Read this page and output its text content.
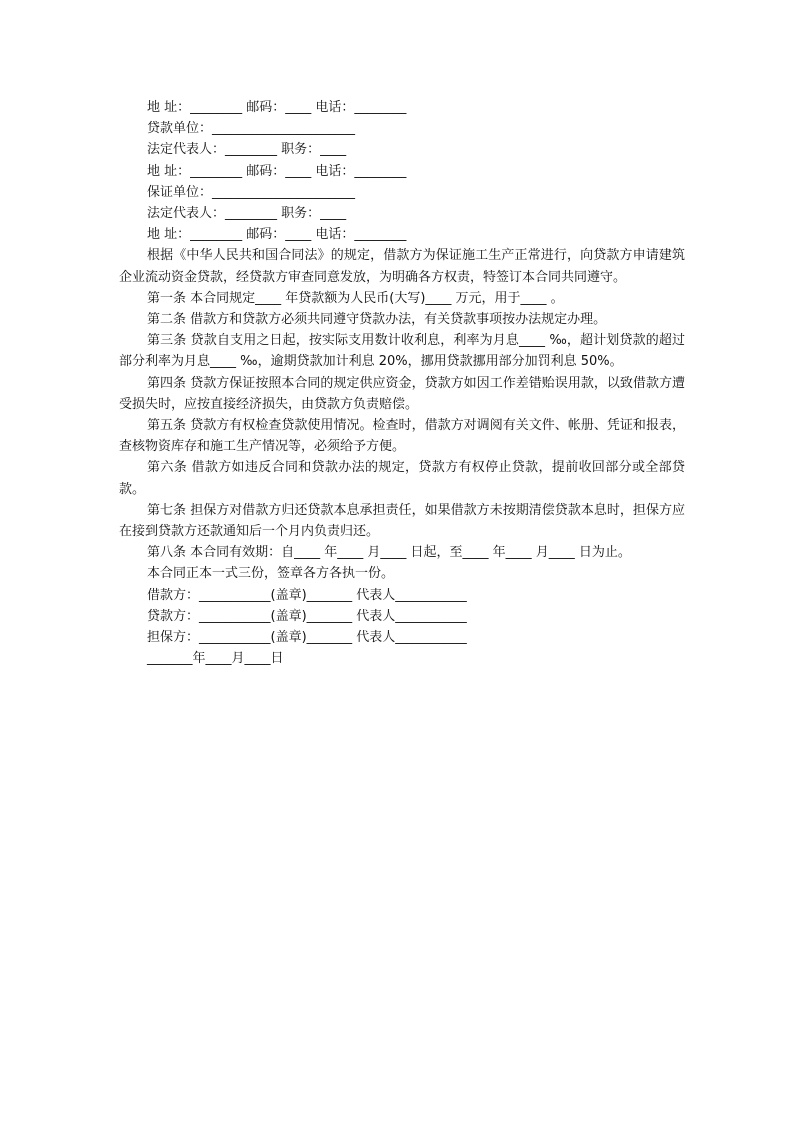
地 址：________ 邮码：____ 电话：________
贷款单位：______________________
法定代表人：________ 职务：____
地 址：________ 邮码：____ 电话：________
保证单位：______________________
法定代表人：________ 职务：____
地 址：________ 邮码：____ 电话：________
根据《中华人民共和国合同法》的规定，借款方为保证施工生产正常进行，向贷款方申请建筑企业流动资金贷款，经贷款方审查同意发放，为明确各方权责，特签订本合同共同遵守。
第一条 本合同规定____ 年贷款额为人民币(大写)____ 万元，用于____ 。
第二条 借款方和贷款方必须共同遵守贷款办法，有关贷款事项按办法规定办理。
第三条 贷款自支用之日起，按实际支用数计收利息，利率为月息____ ‰，超计划贷款的超过部分利率为月息____ ‰，逾期贷款加计利息 20%，挪用贷款挪用部分加罚利息 50%。
第四条 贷款方保证按照本合同的规定供应资金，贷款方如因工作差错贻误用款，以致借款方遭受损失时，应按直接经济损失，由贷款方负责赔偿。
第五条 贷款方有权检查贷款使用情况。检查时，借款方对调阅有关文件、帐册、凭证和报表，查核物资库存和施工生产情况等，必须给予方便。
第六条 借款方如违反合同和贷款办法的规定，贷款方有权停止贷款，提前收回部分或全部贷款。
第七条 担保方对借款方归还贷款本息承担责任，如果借款方未按期清偿贷款本息时，担保方应在接到贷款方还款通知后一个月内负责归还。
第八条 本合同有效期：自____ 年____ 月____ 日起，至____ 年____ 月____ 日为止。
本合同正本一式三份，签章各方各执一份。
借款方：___________(盖章)_______ 代表人___________
贷款方：___________(盖章)_______ 代表人___________
担保方：___________(盖章)_______ 代表人___________
_______年____月____日
